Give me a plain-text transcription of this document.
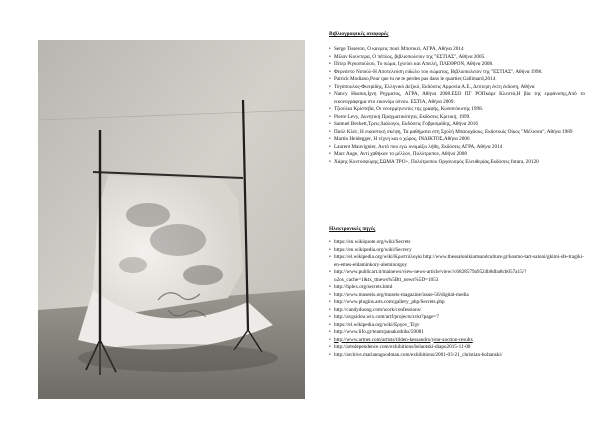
Βιβλιογραφικές αναφορές

• Serge Tisseron, Ο κανρεις ποιεί Μποτικεί, ΑΓΡΑ, Αθήνα 2014
• Μίλαν Κούντερα, Ο πέπλος, βιβλιοπωλείον της "ΕΣΤΙΑΣ", Αθήνα 2005.
• Πίτερ Ριγκοπούλου, Το σώμα, Ιχνεύει και Απειλή, ΠΛΕΘΡΟΝ, Αθήνα 2008.
• Φερνάντο Νιπούλ-Η Αποτελεύση ειδώλο του σώματος, Βιβλιοπωλείον της "ΕΣΤΙΑΣ", Αθήνα 1998.
• Patrick Modiano,Pour que tu ne te perdes pas dans le quartier,Gallimard,2014
• Τσγάπουλος-Φωτρίδης, Ελληνικό Δεξικό, Εκδόσεις Αρμονία Α.Ε., Δεύτερη έκτη έκδοση, Αθήνα
• Nancy Huston,Ιχνη Ρηγματος, ΑΓΡΑ, Αθήνα 2008.ΕΣΟ ΠΓ ΡΟΠκάρε Κλεστά,Η βία της εμφάνισης,Από το εικονογράφημα στο εικονόρι ύπνου. ΕΣΤΙΑ, Αθήνα 2009.
• Τζιούλια Κρίστεβα, Οι νεοερμηνευτες της γραφής, Κωπσεόκυτης 1998.
• Pierre Levy, Δυνητική Πραγματικότητα, Εκδόσεις Κριτική, 1999.
• Samuel Beckett,Τρεις Διάλογοι, Εκδόσεις Γοβρισμάδης, Αθήνα 2016
• Παύλ Κλέε, Η εικαστική σκέψη, Τα μαθήματα στη Σχολή Μπαουχάους, Εκδοτικός Οίκος "Μέλισσα", Αθήνα 1989
• Martin Heidegger, Η τέχνη και ο χώρος, ΙΝΔΙΚΤΟΣ,Αθήνα 2006
• Laurent Mauvignier, Αυτό που εγώ ονομάζω λήθη, Εκδόσεις ΑΓΡΑ, Αθήνα 2014
• Marc Auge, Αντί χαθήκαν το μέλλον, Πολύτροπον, Αθήνα 2008
• Χάρης Κοντοσφύρης,ΣΩΜΑ ΤΡΟ+, Πολύτροπου Οργανισμός Ελευθερίας,Εκδόσεις futura, 20120

Ηλεκτρονικές πηγές

• https://en.wikiquote.org/wiki/Secrets
• https://en.wikipedia.org/wiki/Secrecy
• https://el.wikipedia.org/wiki/Κρυπτόλογία http://www.thessalonikiartsandculture.gr/kosmo-tart-saloni/gkimi-sfe-tragiki-en-emes-eldaminkory-aleminorgoy
• http://www.publicart.it/mainews/view-news-article/view//c6828579a9524b8dba8cb057a15/?o2os_cache=1&tx_ttnews%5Btt_news%5D=1053
• http://hplex.org/secrets.html
• http://www.museeis.org/museis-magazine/issue-56/digital-media
• http://www.plugins.arts.com/gallery_php/Secrets.php
• http://candyduong.com/work/confessions/
• http://avgsidou.wix.com/artf/projects/zvkt?page=7
• https://el.wikipedia.org/wiki/Εργον_Τέχν
• http://www.lifo.gr/team/panakothiks/59081
• http://www.artnet.com/artists/tilden-kessandro/year-auction-results
• http://artsdependence.com/exhibitions/belantski-diapo2015-11-08
• http://archive.marianngoodman.com/exhibitions/2001-03-21_christian-boltanski/
